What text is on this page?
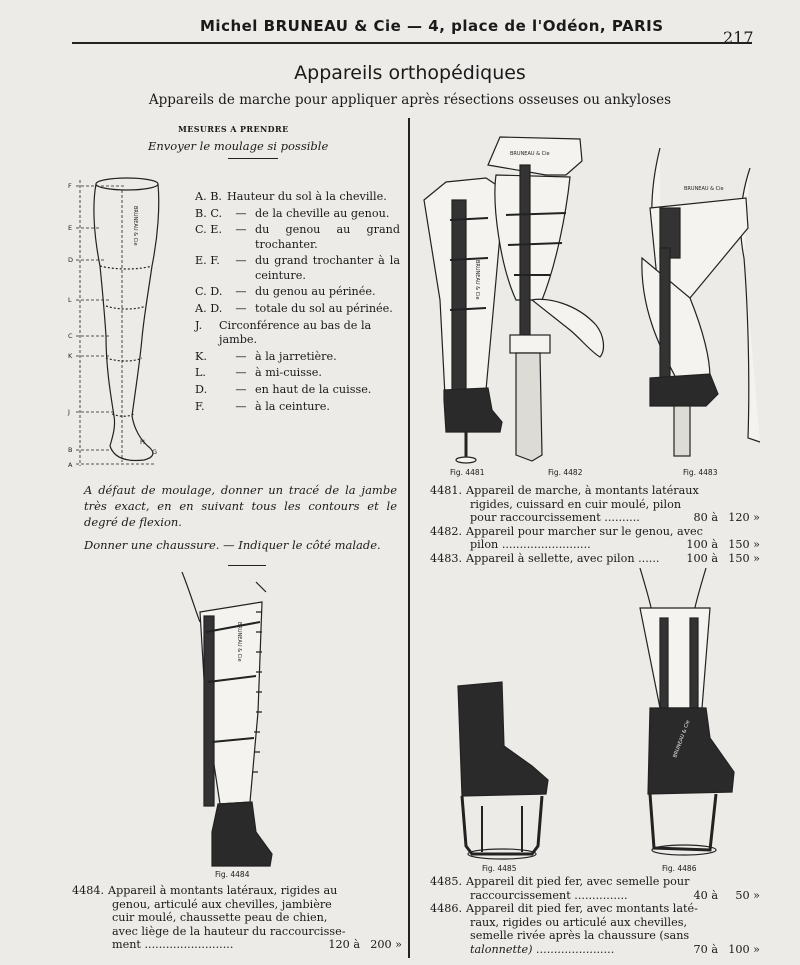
Michel BRUNEAU & Cie — 4, place de l'Odéon, PARIS
217
Appareils orthopédiques
Appareils de marche pour appliquer après résections osseuses ou ankyloses
MESURES A PRENDRE
Envoyer le moulage si possible
F
E
D
L
C
K
J
B
A
H
G
BRUNEAU & Cie
A. B. Hauteur du sol à la cheville.
B. C.	— de la cheville au genou.
C. E.	— du genou au grand trochanter.
E. F.	— du grand trochanter à la ceinture.
C. D.	— du genou au périnée.
A. D.	— totale du sol au périnée.
J.	Circonférence au bas de la jambe.
K.	— à la jarretière.
L.	— à mi-cuisse.
D.	— en haut de la cuisse.
F.	— à la ceinture.
A défaut de moulage, donner un tracé de la jambe très exact, en en suivant tous les contours et le degré de flexion.
Donner une chaussure. — Indiquer le côté malade.
BRUNEAU & Cie
BRUNEAU & Cie
BRUNEAU & Cie
Fig. 4481	Fig. 4482	Fig. 4483
4481. Appareil de marche, à montants latéraux
rigides, cuissard en cuir moulé, pilon
pour raccourcissement ..........	80 à 120 »
4482. Appareil pour marcher sur le genou, avec
pilon .........................	100 à 150 »
4483. Appareil à sellette, avec pilon ......	100 à 150 »
BRUNEAU & Cie
BRUNEAU & Cie
BRUNEAU & Cie
Fig. 4484
Fig. 4485	Fig. 4486
4484. Appareil à montants latéraux, rigides au
genou, articulé aux chevilles, jambière
cuir moulé, chaussette peau de chien,
avec liège de la hauteur du raccourcisse-
ment .........................	120 à 200 »
4485. Appareil dit pied fer, avec semelle pour
raccourcissement ...............	40 à	50 »
4486. Appareil dit pied fer, avec montants laté-
raux, rigides ou articulé aux chevilles,
semelle rivée après la chaussure (sans
talonnette) ......................	70 à 100 »
